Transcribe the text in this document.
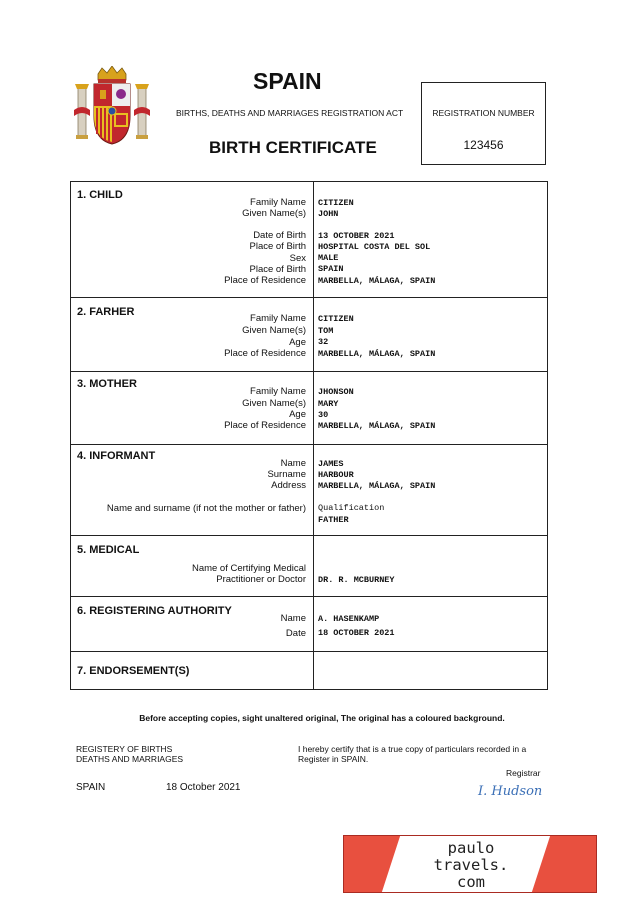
SPAIN
BIRTHS, DEATHS AND MARRIAGES REGISTRATION ACT
BIRTH CERTIFICATE
REGISTRATION NUMBER
123456
1. CHILD
Family Name CITIZEN
Given Name(s) JOHN
Date of Birth 13 OCTOBER 2021
Place of Birth HOSPITAL COSTA DEL SOL
Sex MALE
Place of Birth SPAIN
Place of Residence MARBELLA, MÁLAGA, SPAIN
2. FARHER
Family Name CITIZEN
Given Name(s) TOM
Age 32
Place of Residence MARBELLA, MÁLAGA, SPAIN
3. MOTHER
Family Name JHONSON
Given Name(s) MARY
Age 30
Place of Residence MARBELLA, MÁLAGA, SPAIN
4. INFORMANT
Name JAMES
Surname HARBOUR
Address MARBELLA, MÁLAGA, SPAIN
Name and surname (if not the mother or father) Qualification
FATHER
5. MEDICAL
Name of Certifying Medical
Practitioner or Doctor DR. R. MCBURNEY
6. REGISTERING AUTHORITY
Name A. HASENKAMP
Date 18 OCTOBER 2021
7. ENDORSEMENT(S)
Before accepting copies, sight unaltered original, The original has a coloured background.
REGISTERY OF BIRTHS
DEATHS AND MARRIAGES
I hereby certify that is a true copy of particulars recorded in a
Register in SPAIN.
Registrar
SPAIN	18 October 2021	I. Hudson
paulo
travels.
com
